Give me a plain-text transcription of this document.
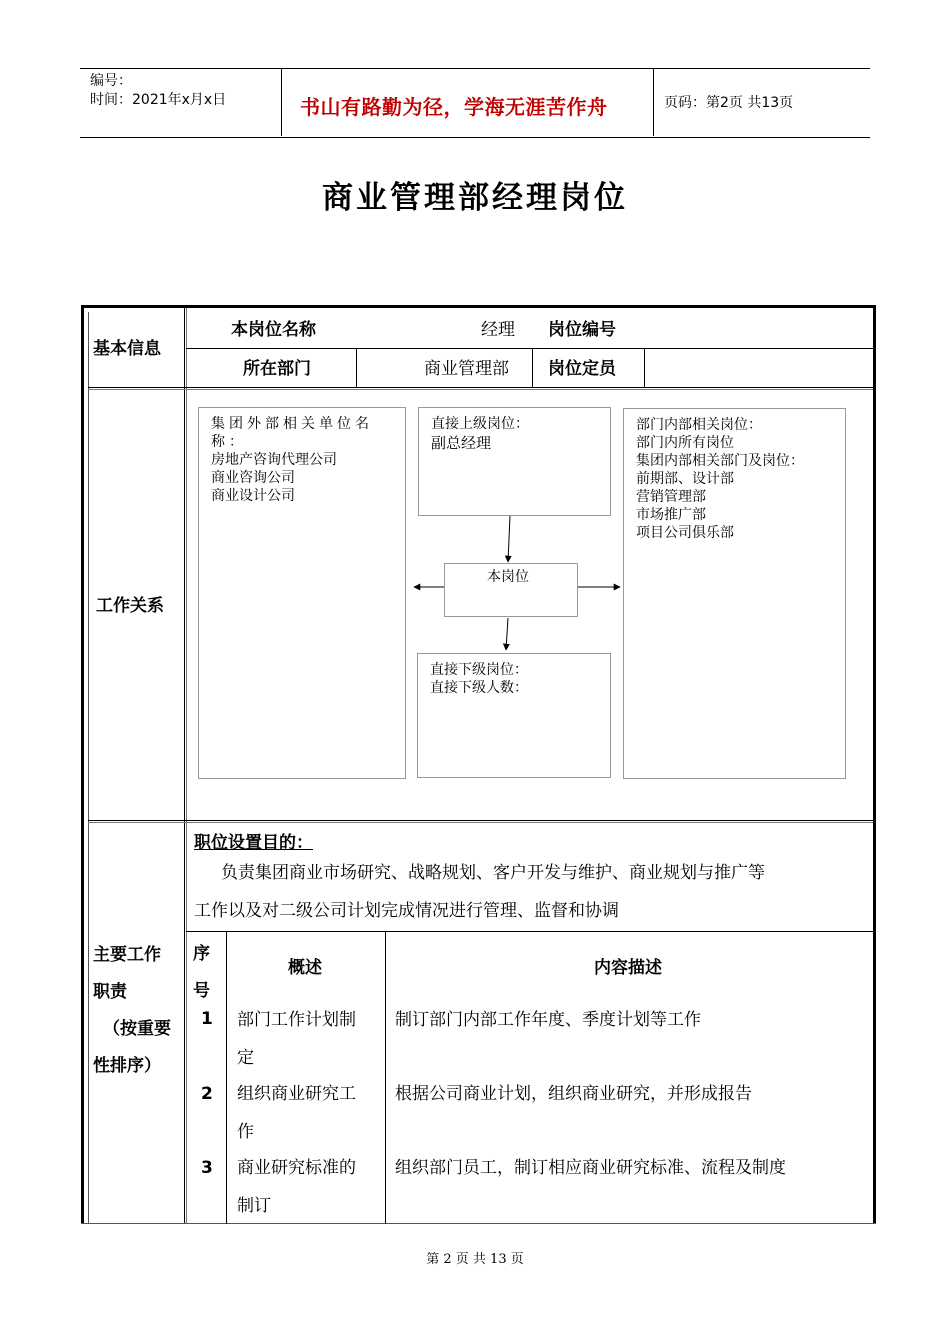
编号：
时间：2021年x月x日	书山有路勤为径，学海无涯苦作舟	页码：第2页 共13页
商业管理部经理岗位
基本信息
本岗位名称	经理 岗位编号
所在部门	商业管理部 岗位定员
工作关系
集团外部相关单位名称：
房地产咨询代理公司
商业咨询公司
商业设计公司
直接上级岗位：
副总经理
本岗位
直接下级岗位：
直接下级人数：
部门内部相关岗位：
部门内所有岗位
集团内部相关部门及岗位：
前期部、设计部
营销管理部
市场推广部
项目公司俱乐部
主要工作
职责
（按重要
性排序）
职位设置目的：
负责集团商业市场研究、战略规划、客户开发与维护、商业规划与推广等
工作以及对二级公司计划完成情况进行管理、监督和协调
序
号
概述	内容描述
1 部门工作计划制
定
制订部门内部工作年度、季度计划等工作
2 组织商业研究工
作
根据公司商业计划，组织商业研究，并形成报告
3 商业研究标准的
制订
组织部门员工，制订相应商业研究标准、流程及制度
第 2 页 共 13 页
